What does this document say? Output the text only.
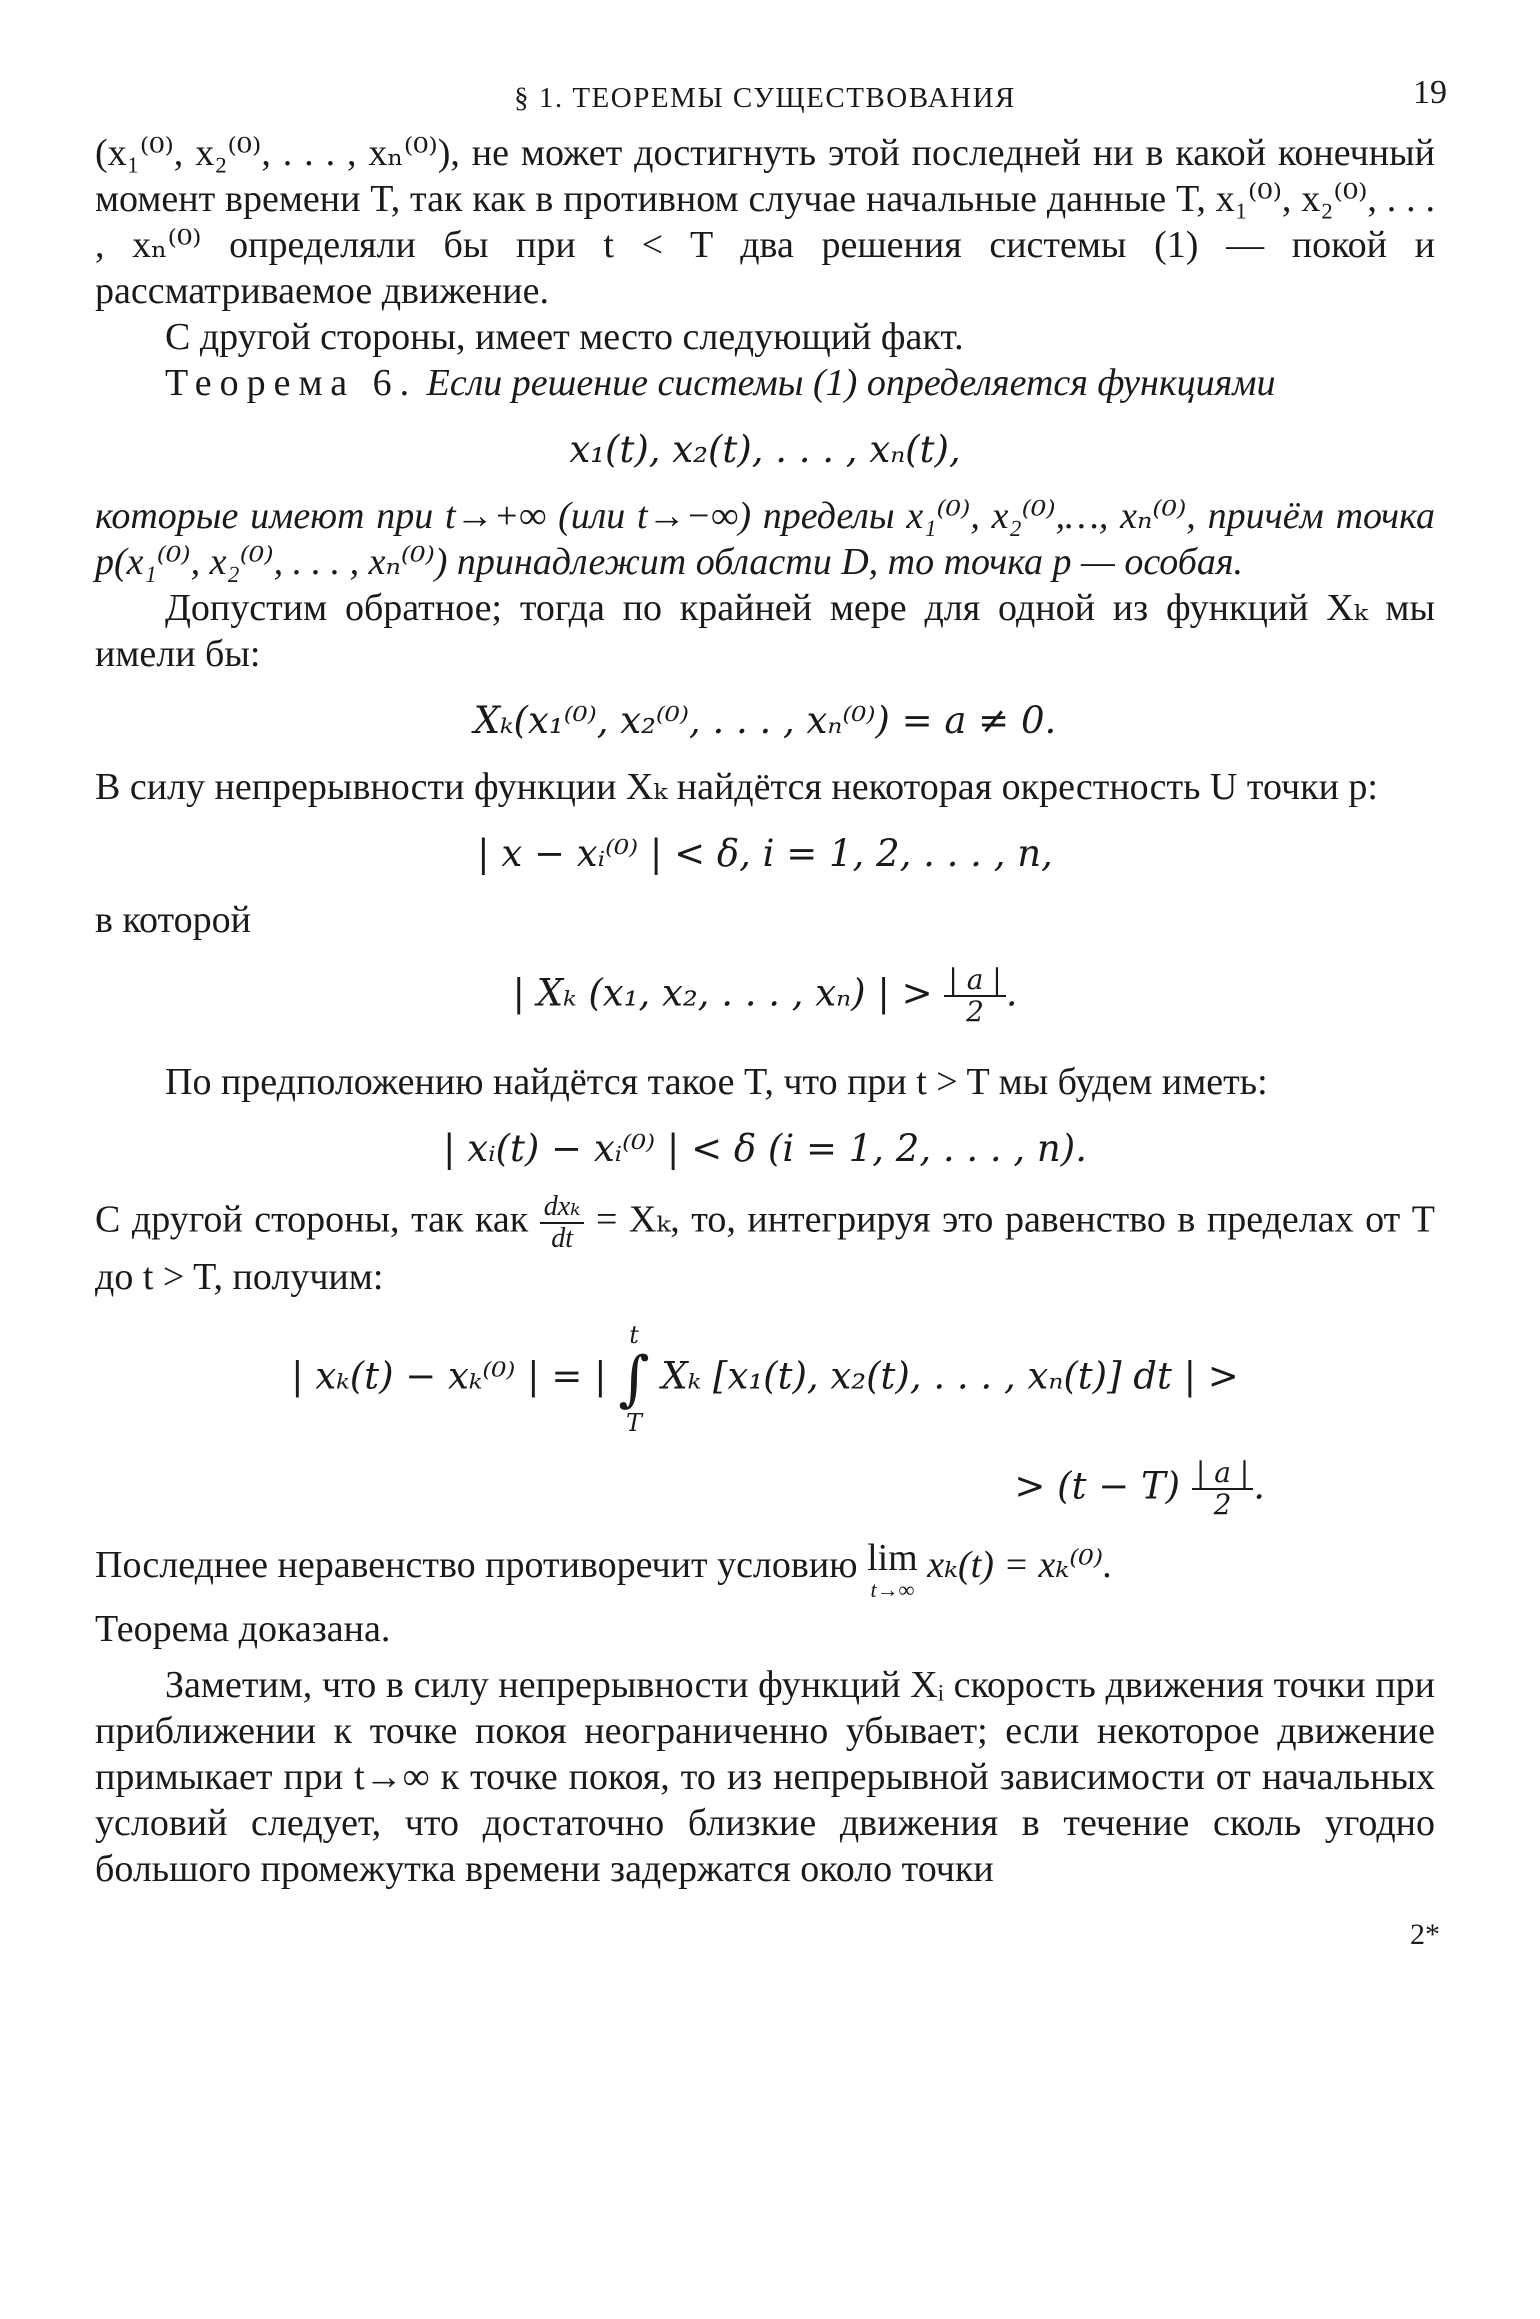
§ 1. ТЕОРЕМЫ СУЩЕСТВОВАНИЯ	19

(x₁⁽⁰⁾, x₂⁽⁰⁾, . . . , xₙ⁽⁰⁾), не может достигнуть этой последней ни в какой конечный момент времени T, так как в противном случае начальные данные T, x₁⁽⁰⁾, x₂⁽⁰⁾, . . . , xₙ⁽⁰⁾ определяли бы при t < T два решения системы (1) — покой и рассматриваемое движение.

С другой стороны, имеет место следующий факт.

Теорема 6. Если решение системы (1) определяется функциями

x₁(t), x₂(t), . . . , xₙ(t),

которые имеют при t→+∞ (или t→−∞) пределы x₁⁽⁰⁾, x₂⁽⁰⁾,…, xₙ⁽⁰⁾, причём точка p(x₁⁽⁰⁾, x₂⁽⁰⁾, . . . , xₙ⁽⁰⁾) принадлежит области D, то точка p — особая.

Допустим обратное; тогда по крайней мере для одной из функций Xₖ мы имели бы:

Xₖ(x₁⁽⁰⁾, x₂⁽⁰⁾, . . . , xₙ⁽⁰⁾) = a ≠ 0.

В силу непрерывности функции Xₖ найдётся некоторая окрестность U точки p:

| x − xᵢ⁽⁰⁾ | < δ, i = 1, 2, . . . , n,

в которой

| Xₖ (x₁, x₂, . . . , xₙ) | > $\frac{| a |}{2}$ .

По предположению найдётся такое T, что при t > T мы будем иметь:

| xᵢ(t) − xᵢ⁽⁰⁾ | < δ (i = 1, 2, . . . , n).

С другой стороны, так как $\frac{\text{dxₖ}}{dt} = X_k$, то, интегрируя это равенство в пределах от T до t > T, получим:

| xₖ(t) − xₖ⁽⁰⁾ | = | t
∫
T Xₖ [x₁(t), x₂(t), . . . , xₙ(t)] dt | >
> $(t - T) \frac{| a |}{2}$ .

Последнее неравенство противоречит условию lim
t→∞
xₖ(t) = xₖ⁽⁰⁾.

Теорема доказана.

Заметим, что в силу непрерывности функций Xᵢ скорость движения точки при приближении к точке покоя неограниченно убывает; если некоторое движение примыкает при t→∞ к точке покоя, то из непрерывной зависимости от начальных условий следует, что достаточно близкие движения в течение сколь угодно большого промежутка времени задержатся около точки

2*
